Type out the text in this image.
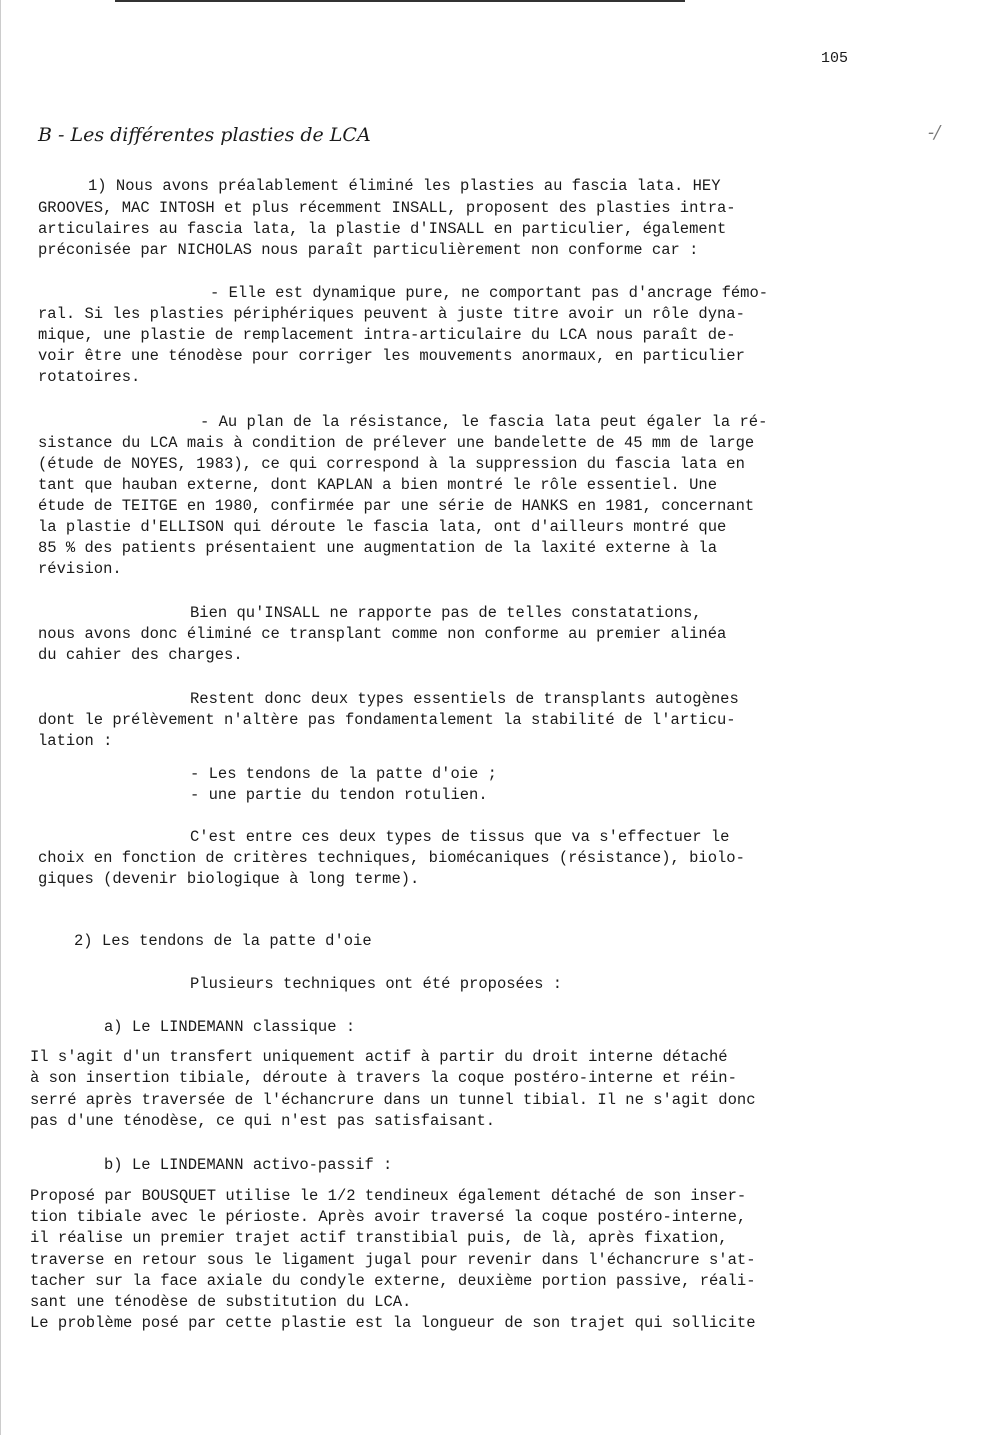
105
B - Les différentes plasties de LCA	-/
1) Nous avons préalablement éliminé les plasties au fascia lata. HEY
GROOVES, MAC INTOSH et plus récemment INSALL, proposent des plasties intra-
articulaires au fascia lata, la plastie d'INSALL en particulier, également
préconisée par NICHOLAS nous paraît particulièrement non conforme car :
- Elle est dynamique pure, ne comportant pas d'ancrage fémo-
ral. Si les plasties périphériques peuvent à juste titre avoir un rôle dyna-
mique, une plastie de remplacement intra-articulaire du LCA nous paraît de-
voir être une ténodèse pour corriger les mouvements anormaux, en particulier
rotatoires.
- Au plan de la résistance, le fascia lata peut égaler la ré-
sistance du LCA mais à condition de prélever une bandelette de 45 mm de large
(étude de NOYES, 1983), ce qui correspond à la suppression du fascia lata en
tant que hauban externe, dont KAPLAN a bien montré le rôle essentiel. Une
étude de TEITGE en 1980, confirmée par une série de HANKS en 1981, concernant
la plastie d'ELLISON qui déroute le fascia lata, ont d'ailleurs montré que
85 % des patients présentaient une augmentation de la laxité externe à la
révision.
Bien qu'INSALL ne rapporte pas de telles constatations,
nous avons donc éliminé ce transplant comme non conforme au premier alinéa
du cahier des charges.
Restent donc deux types essentiels de transplants autogènes
dont le prélèvement n'altère pas fondamentalement la stabilité de l'articu-
lation :
- Les tendons de la patte d'oie ;
- une partie du tendon rotulien.
C'est entre ces deux types de tissus que va s'effectuer le
choix en fonction de critères techniques, biomécaniques (résistance), biolo-
giques (devenir biologique à long terme).
2) Les tendons de la patte d'oie
Plusieurs techniques ont été proposées :
a) Le LINDEMANN classique :
Il s'agit d'un transfert uniquement actif à partir du droit interne détaché
à son insertion tibiale, déroute à travers la coque postéro-interne et réin-
serré après traversée de l'échancrure dans un tunnel tibial. Il ne s'agit donc
pas d'une ténodèse, ce qui n'est pas satisfaisant.
b) Le LINDEMANN activo-passif :
Proposé par BOUSQUET utilise le 1/2 tendineux également détaché de son inser-
tion tibiale avec le périoste. Après avoir traversé la coque postéro-interne,
il réalise un premier trajet actif transtibial puis, de là, après fixation,
traverse en retour sous le ligament jugal pour revenir dans l'échancrure s'at-
tacher sur la face axiale du condyle externe, deuxième portion passive, réali-
sant une ténodèse de substitution du LCA.
Le problème posé par cette plastie est la longueur de son trajet qui sollicite
